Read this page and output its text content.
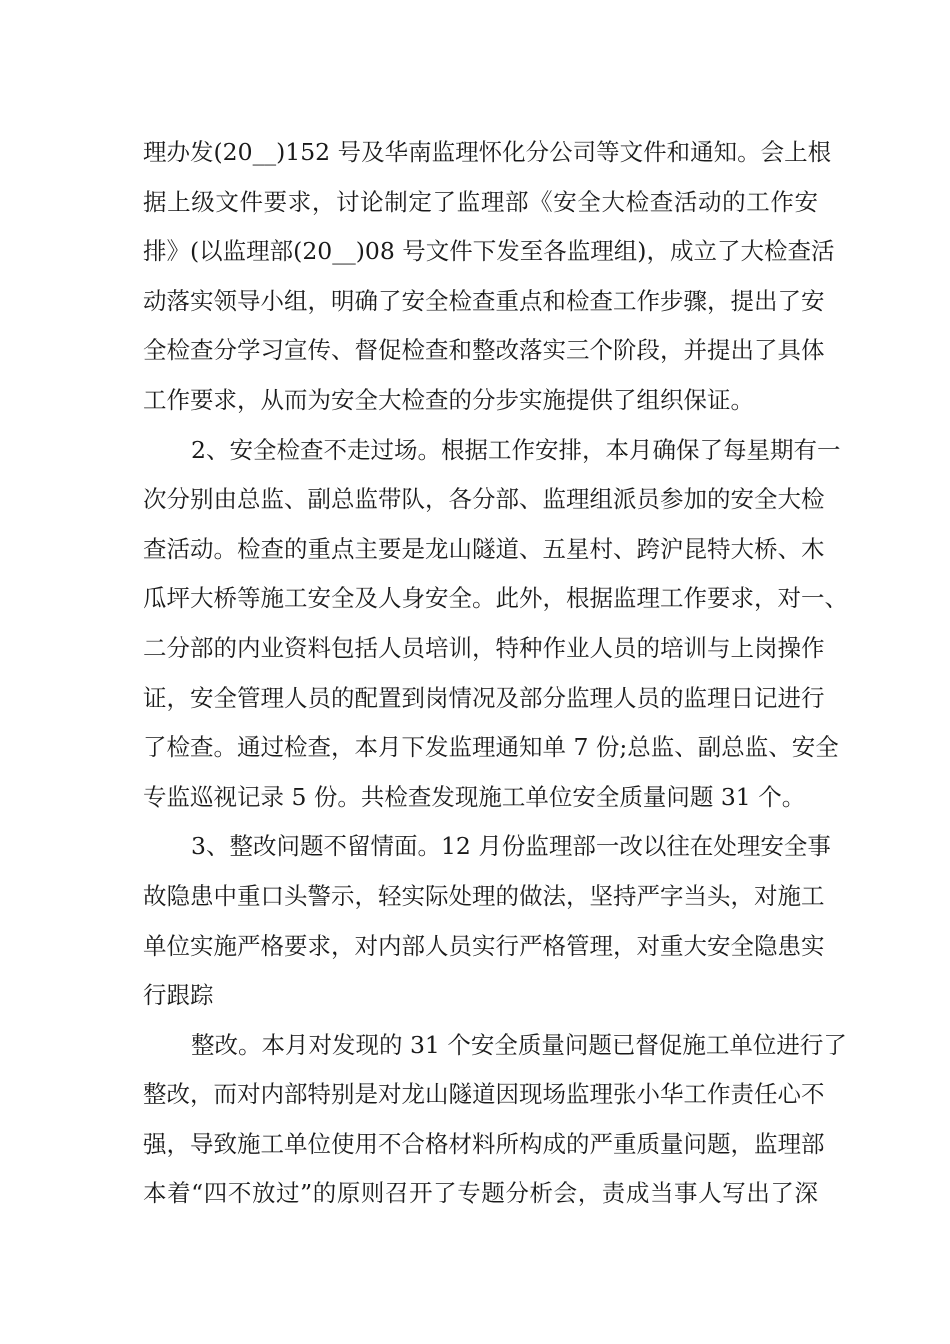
理办发(20__)152 号及华南监理怀化分公司等文件和通知。会上根
据上级文件要求，讨论制定了监理部《安全大检查活动的工作安
排》(以监理部(20__)08 号文件下发至各监理组)，成立了大检查活
动落实领导小组，明确了安全检查重点和检查工作步骤，提出了安
全检查分学习宣传、督促检查和整改落实三个阶段，并提出了具体
工作要求，从而为安全大检查的分步实施提供了组织保证。
2、安全检查不走过场。根据工作安排，本月确保了每星期有一
次分别由总监、副总监带队，各分部、监理组派员参加的安全大检
查活动。检查的重点主要是龙山隧道、五星村、跨沪昆特大桥、木
瓜坪大桥等施工安全及人身安全。此外，根据监理工作要求，对一、
二分部的内业资料包括人员培训，特种作业人员的培训与上岗操作
证，安全管理人员的配置到岗情况及部分监理人员的监理日记进行
了检查。通过检查，本月下发监理通知单 7 份;总监、副总监、安全
专监巡视记录 5 份。共检查发现施工单位安全质量问题 31 个。
3、整改问题不留情面。12 月份监理部一改以往在处理安全事
故隐患中重口头警示，轻实际处理的做法，坚持严字当头，对施工
单位实施严格要求，对内部人员实行严格管理，对重大安全隐患实
行跟踪
整改。本月对发现的 31 个安全质量问题已督促施工单位进行了
整改，而对内部特别是对龙山隧道因现场监理张小华工作责任心不
强，导致施工单位使用不合格材料所构成的严重质量问题，监理部
本着“四不放过”的原则召开了专题分析会，责成当事人写出了深
